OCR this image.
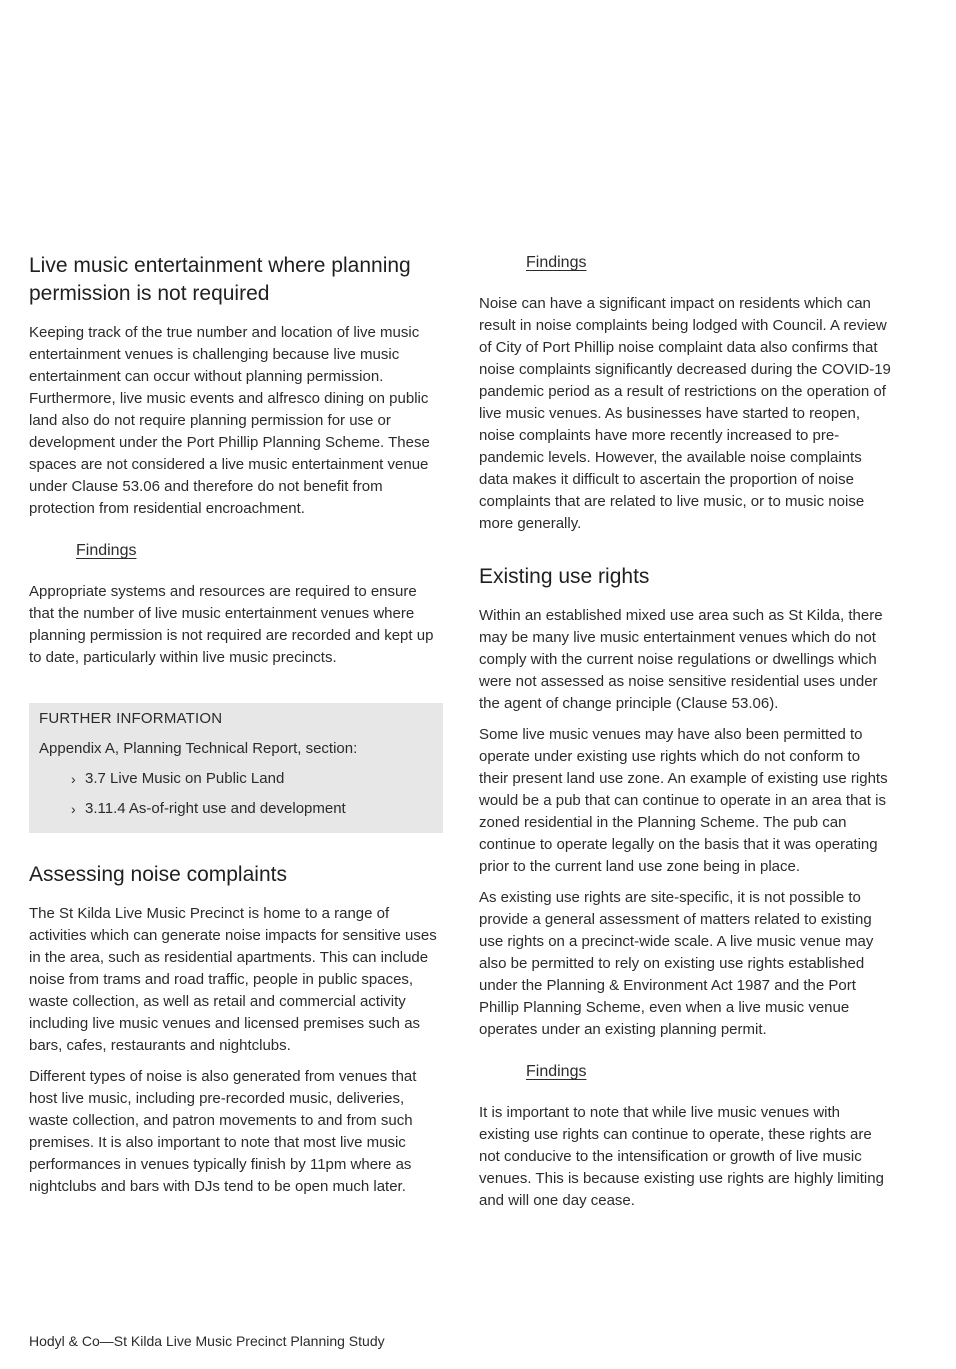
Live music entertainment where planning permission is not required

Keeping track of the true number and location of live music entertainment venues is challenging because live music entertainment can occur without planning permission. Furthermore, live music events and alfresco dining on public land also do not require planning permission for use or development under the Port Phillip Planning Scheme. These spaces are not considered a live music entertainment venue under Clause 53.06 and therefore do not benefit from protection from residential encroachment.

Findings

Appropriate systems and resources are required to ensure that the number of live music entertainment venues where planning permission is not required are recorded and kept up to date, particularly within live music precincts.

FURTHER INFORMATION
Appendix A, Planning Technical Report, section:
› 3.7 Live Music on Public Land
› 3.11.4 As-of-right use and development
Assessing noise complaints

The St Kilda Live Music Precinct is home to a range of activities which can generate noise impacts for sensitive uses in the area, such as residential apartments. This can include noise from trams and road traffic, people in public spaces, waste collection, as well as retail and commercial activity including live music venues and licensed premises such as bars, cafes, restaurants and nightclubs.

Different types of noise is also generated from venues that host live music, including pre-recorded music, deliveries, waste collection, and patron movements to and from such premises. It is also important to note that most live music performances in venues typically finish by 11pm where as nightclubs and bars with DJs tend to be open much later.

Findings

Noise can have a significant impact on residents which can result in noise complaints being lodged with Council. A review of City of Port Phillip noise complaint data also confirms that noise complaints significantly decreased during the COVID-19 pandemic period as a result of restrictions on the operation of live music venues. As businesses have started to reopen, noise complaints have more recently increased to pre-pandemic levels. However, the available noise complaints data makes it difficult to ascertain the proportion of noise complaints that are related to live music, or to music noise more generally.

Existing use rights

Within an established mixed use area such as St Kilda, there may be many live music entertainment venues which do not comply with the current noise regulations or dwellings which were not assessed as noise sensitive residential uses under the agent of change principle (Clause 53.06).

Some live music venues may have also been permitted to operate under existing use rights which do not conform to their present land use zone. An example of existing use rights would be a pub that can continue to operate in an area that is zoned residential in the Planning Scheme. The pub can continue to operate legally on the basis that it was operating prior to the current land use zone being in place.

As existing use rights are site-specific, it is not possible to provide a general assessment of matters related to existing use rights on a precinct-wide scale. A live music venue may also be permitted to rely on existing use rights established under the Planning & Environment Act 1987 and the Port Phillip Planning Scheme, even when a live music venue operates under an existing planning permit.

Findings

It is important to note that while live music venues with existing use rights can continue to operate, these rights are not conducive to the intensification or growth of live music venues. This is because existing use rights are highly limiting and will one day cease.

Hodyl & Co—St Kilda Live Music Precinct Planning Study
